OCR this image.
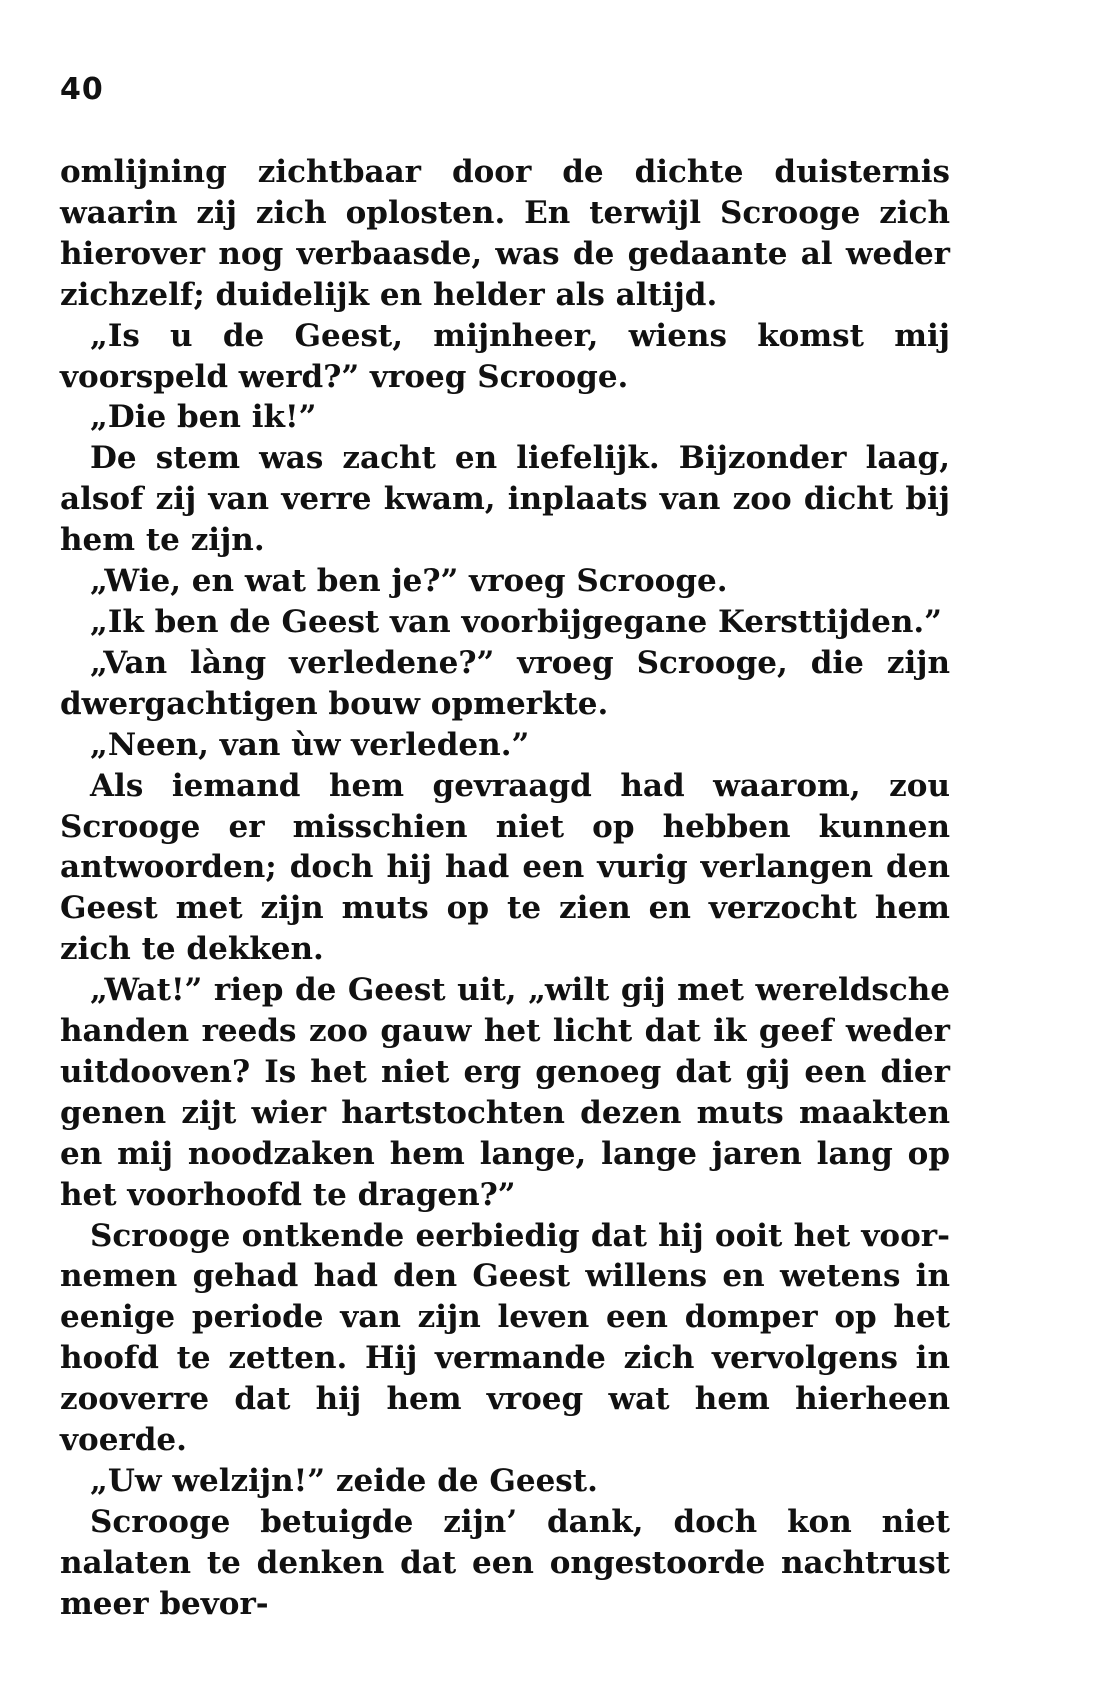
40

omlijning zichtbaar door de dichte duisternis waarin zij zich oplosten. En terwijl Scrooge zich hierover nog verbaasde, was de gedaante al weder zichzelf; duidelijk en helder als altijd.

„Is u de Geest, mijnheer, wiens komst mij voorspeld werd?” vroeg Scrooge.

„Die ben ik!”

De stem was zacht en liefelijk. Bijzonder laag, alsof zij van verre kwam, inplaats van zoo dicht bij hem te zijn.

„Wie, en wat ben je?” vroeg Scrooge.

„Ik ben de Geest van voorbijgegane Kersttijden.”

„Van làng verledene?” vroeg Scrooge, die zijn dwergachtigen bouw opmerkte.

„Neen, van ùw verleden.”

Als iemand hem gevraagd had waarom, zou Scrooge er misschien niet op hebben kunnen antwoorden; doch hij had een vurig verlangen den Geest met zijn muts op te zien en verzocht hem zich te dekken.

„Wat!” riep de Geest uit, „wilt gij met wereldsche handen reeds zoo gauw het licht dat ik geef weder uitdooven? Is het niet erg genoeg dat gij een dier genen zijt wier hartstochten dezen muts maakten en mij noodzaken hem lange, lange jaren lang op het voorhoofd te dragen?”

Scrooge ontkende eerbiedig dat hij ooit het voornemen gehad had den Geest willens en wetens in eenige periode van zijn leven een domper op het hoofd te zetten. Hij vermande zich vervolgens in zooverre dat hij hem vroeg wat hem hierheen voerde.

„Uw welzijn!” zeide de Geest.

Scrooge betuigde zijn’ dank, doch kon niet nalaten te denken dat een ongestoorde nachtrust meer bevor-
